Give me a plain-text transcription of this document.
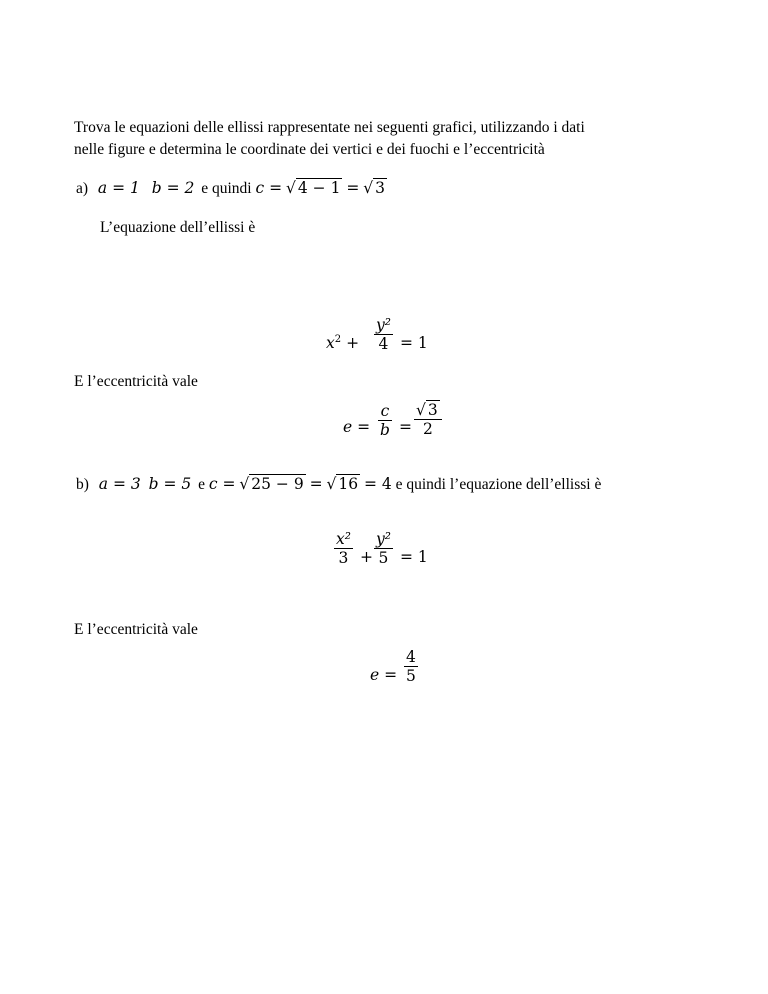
Trova le equazioni delle ellissi rappresentate nei seguenti grafici, utilizzando i dati
nelle figure e determina le coordinate dei vertici e dei fuochi e l’eccentricità
a) a = 1 b = 2 e quindi c = √ 4 − 1 = √ 3
L’equazione dell’ellissi è
$x^2$ +
y²
4 = 1
E l’eccentricità vale
e =
c
b =
√ 3
2
b) a = 3 b = 5 e c = √ 25 − 9 = √ 16 = 4 e quindi l’equazione dell’ellissi è
x²
3 +
y²
5 = 1
E l’eccentricità vale
e =
4
5
